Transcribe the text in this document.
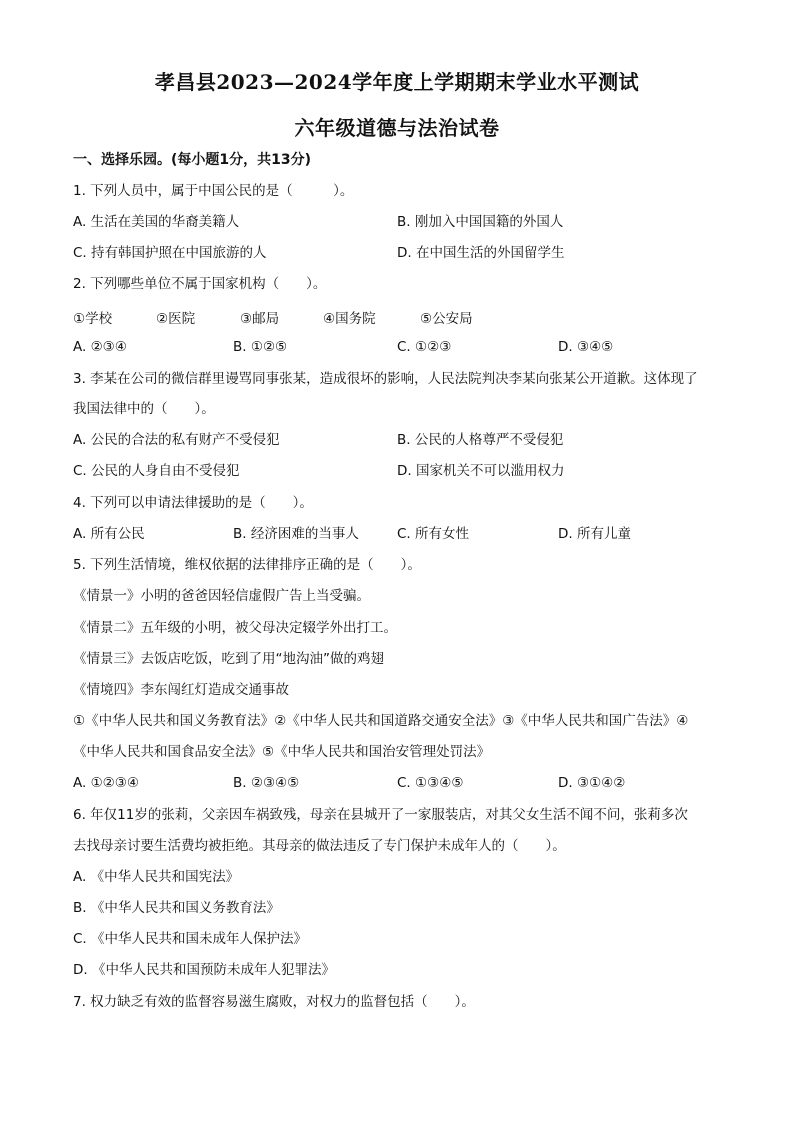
孝昌县2023—2024学年度上学期期末学业水平测试
六年级道德与法治试卷
一、选择乐园。(每小题1分，共13分)
1. 下列人员中，属于中国公民的是（　　　）。
A. 生活在美国的华裔美籍人	B. 刚加入中国国籍的外国人
C. 持有韩国护照在中国旅游的人	D. 在中国生活的外国留学生
2. 下列哪些单位不属于国家机构（　　）。
①学校	②医院	③邮局	④国务院	⑤公安局
A. ②③④	B. ①②⑤	C. ①②③	D. ③④⑤
3. 李某在公司的微信群里谩骂同事张某，造成很坏的影响，人民法院判决李某向张某公开道歉。这体现了
我国法律中的（　　）。
A. 公民的合法的私有财产不受侵犯	B. 公民的人格尊严不受侵犯
C. 公民的人身自由不受侵犯	D. 国家机关不可以滥用权力
4. 下列可以申请法律援助的是（　　）。
A. 所有公民	B. 经济困难的当事人	C. 所有女性	D. 所有儿童
5. 下列生活情境，维权依据的法律排序正确的是（　　）。
《情景一》小明的爸爸因轻信虚假广告上当受骗。
《情景二》五年级的小明，被父母决定辍学外出打工。
《情景三》去饭店吃饭，吃到了用“地沟油”做的鸡翅
《情境四》李东闯红灯造成交通事故
①《中华人民共和国义务教育法》②《中华人民共和国道路交通安全法》③《中华人民共和国广告法》④
《中华人民共和国食品安全法》⑤《中华人民共和国治安管理处罚法》
A. ①②③④	B. ②③④⑤	C. ①③④⑤	D. ③①④②
6. 年仅11岁的张莉，父亲因车祸致残，母亲在县城开了一家服装店，对其父女生活不闻不问，张莉多次
去找母亲讨要生活费均被拒绝。其母亲的做法违反了专门保护未成年人的（　　）。
A. 《中华人民共和国宪法》
B. 《中华人民共和国义务教育法》
C. 《中华人民共和国未成年人保护法》
D. 《中华人民共和国预防未成年人犯罪法》
7. 权力缺乏有效的监督容易滋生腐败，对权力的监督包括（　　）。
